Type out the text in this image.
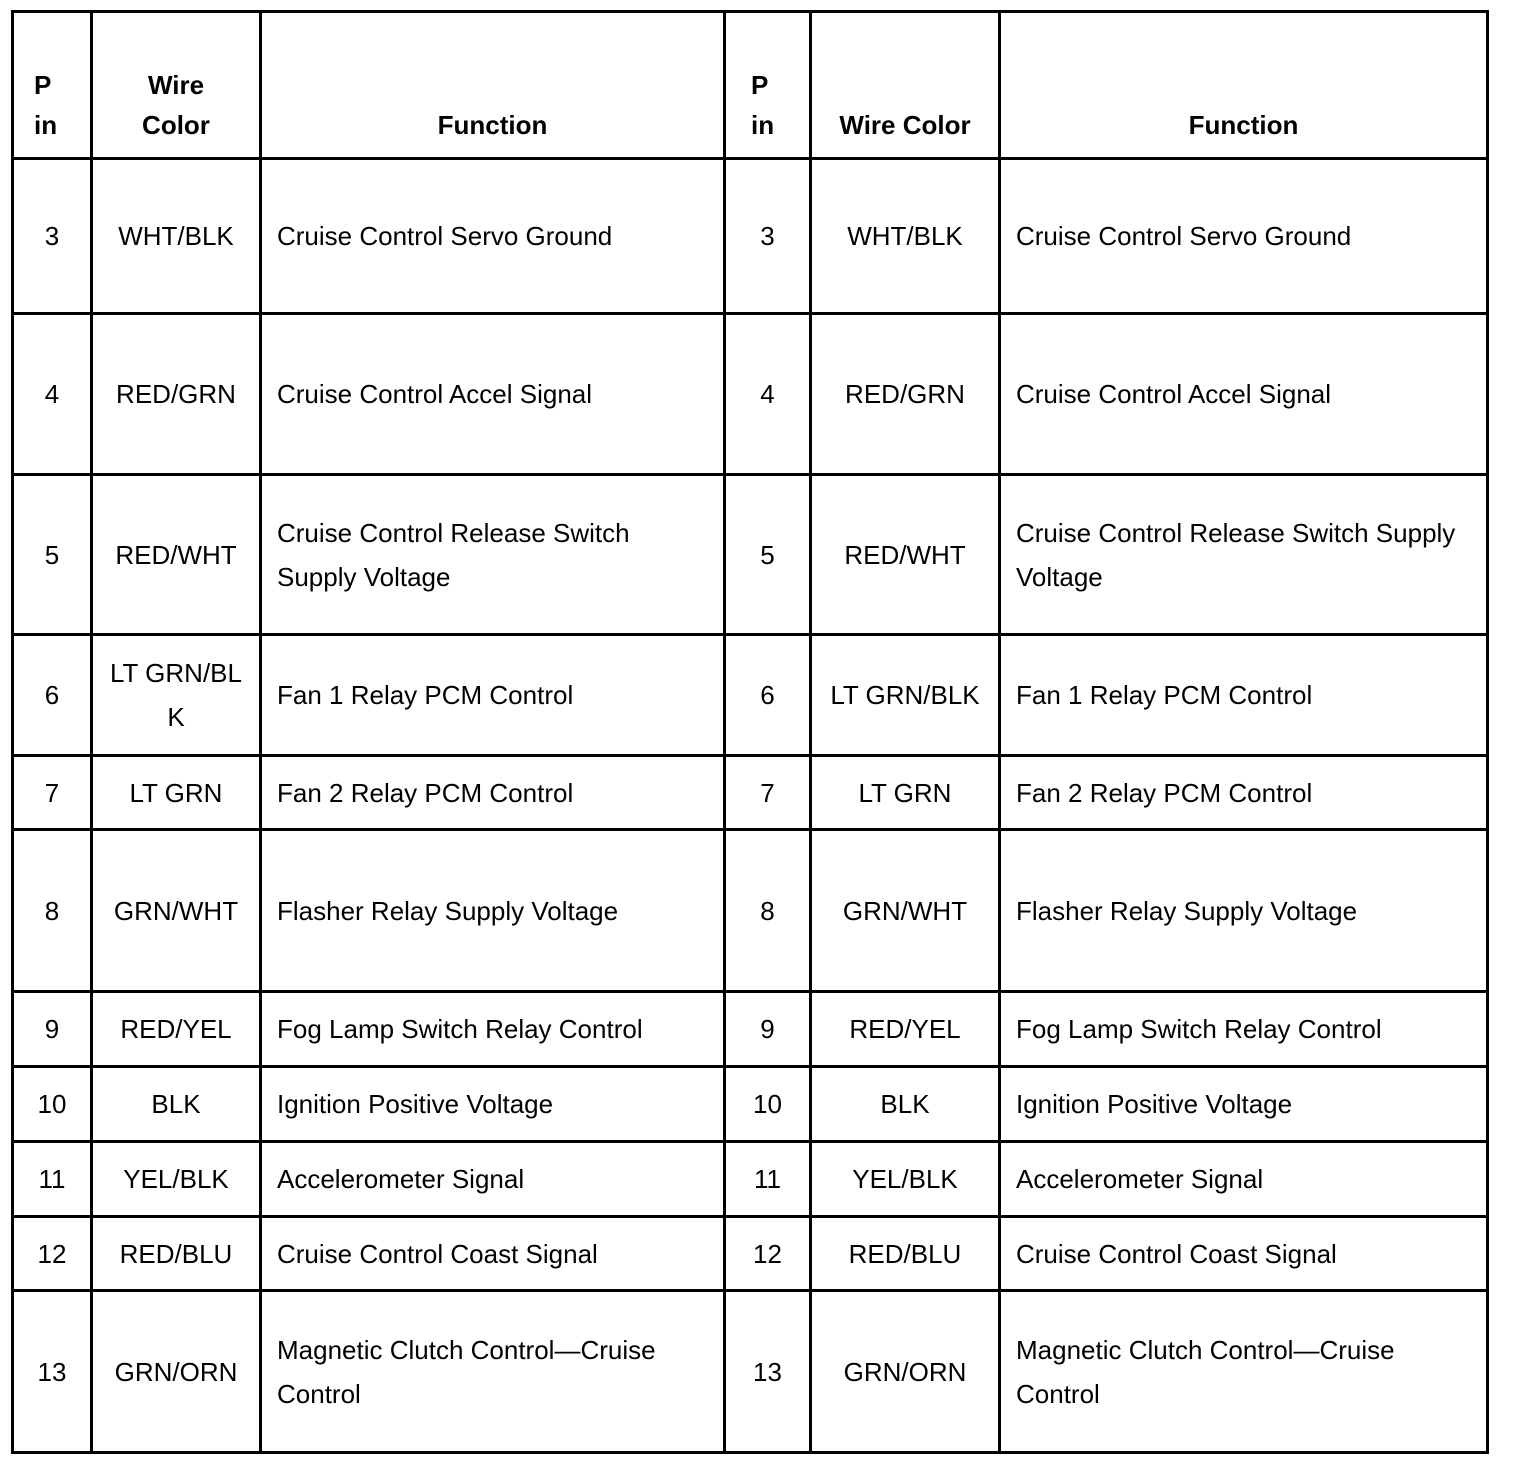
P in	Wire Color	Function	P in	Wire Color	Function
3	WHT/BLK	Cruise Control Servo Ground	3	WHT/BLK	Cruise Control Servo Ground
4	RED/GRN	Cruise Control Accel Signal	4	RED/GRN	Cruise Control Accel Signal
5	RED/WHT	Cruise Control Release Switch Supply Voltage	5	RED/WHT	Cruise Control Release Switch Supply Voltage
6	LT GRN/BLK	Fan 1 Relay PCM Control	6	LT GRN/BLK	Fan 1 Relay PCM Control
7	LT GRN	Fan 2 Relay PCM Control	7	LT GRN	Fan 2 Relay PCM Control
8	GRN/WHT	Flasher Relay Supply Voltage	8	GRN/WHT	Flasher Relay Supply Voltage
9	RED/YEL	Fog Lamp Switch Relay Control	9	RED/YEL	Fog Lamp Switch Relay Control
10	BLK	Ignition Positive Voltage	10	BLK	Ignition Positive Voltage
11	YEL/BLK	Accelerometer Signal	11	YEL/BLK	Accelerometer Signal
12	RED/BLU	Cruise Control Coast Signal	12	RED/BLU	Cruise Control Coast Signal
13	GRN/ORN	Magnetic Clutch Control—Cruise Control	13	GRN/ORN	Magnetic Clutch Control—Cruise Control
